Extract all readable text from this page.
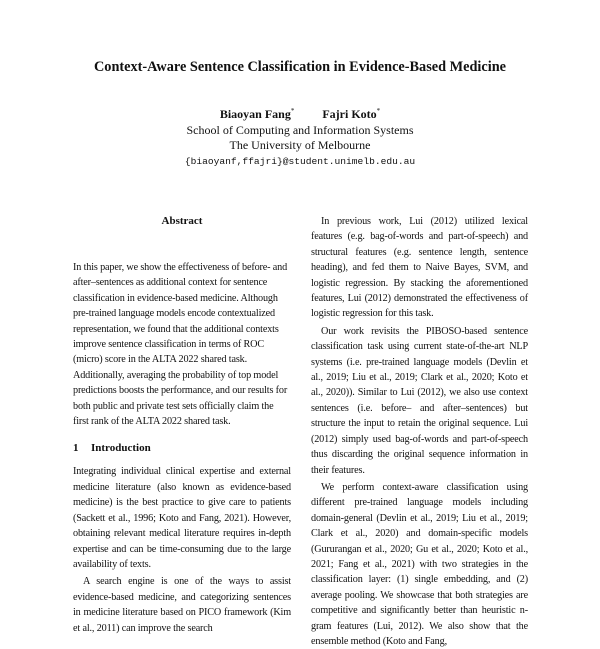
Context-Aware Sentence Classification in Evidence-Based Medicine
Biaoyan Fang* Fajri Koto*
School of Computing and Information Systems
The University of Melbourne
{biaoyanf,ffajri}@student.unimelb.edu.au
Abstract

In this paper, we show the effectiveness of before- and after–sentences as additional context for sentence classification in evidence-based medicine. Although pre-trained language models encode contextualized representation, we found that the additional contexts improve sentence classification in terms of ROC (micro) score in the ALTA 2022 shared task. Additionally, averaging the probability of top model predictions boosts the performance, and our results for both public and private test sets officially claim the first rank of the ALTA 2022 shared task.

1 Introduction

Integrating individual clinical expertise and external medicine literature (also known as evidence-based medicine) is the best practice to give care to patients (Sackett et al., 1996; Koto and Fang, 2021). However, obtaining relevant medical literature requires in-depth expertise and can be time-consuming due to the large availability of texts.

A search engine is one of the ways to assist evidence-based medicine, and categorizing sentences in medicine literature based on PICO framework (Kim et al., 2011) can improve the search

In previous work, Lui (2012) utilized lexical features (e.g. bag-of-words and part-of-speech) and structural features (e.g. sentence length, sentence heading), and fed them to Naive Bayes, SVM, and logistic regression. By stacking the aforementioned features, Lui (2012) demonstrated the effectiveness of logistic regression for this task.

Our work revisits the PIBOSO-based sentence classification task using current state-of-the-art NLP systems (i.e. pre-trained language models (Devlin et al., 2019; Liu et al., 2019; Clark et al., 2020; Koto et al., 2020)). Similar to Lui (2012), we also use context sentences (i.e. before– and after–sentences) but structure the input to retain the original sequence. Lui (2012) simply used bag-of-words and part-of-speech thus discarding the original sequence information in their features.

We perform context-aware classification using different pre-trained language models including domain-general (Devlin et al., 2019; Liu et al., 2019; Clark et al., 2020) and domain-specific models (Gururangan et al., 2020; Gu et al., 2020; Koto et al., 2021; Fang et al., 2021) with two strategies in the classification layer: (1) single embedding, and (2) average pooling. We showcase that both strategies are competitive and significantly better than heuristic n-gram features (Lui, 2012). We also show that the ensemble method (Koto and Fang,
